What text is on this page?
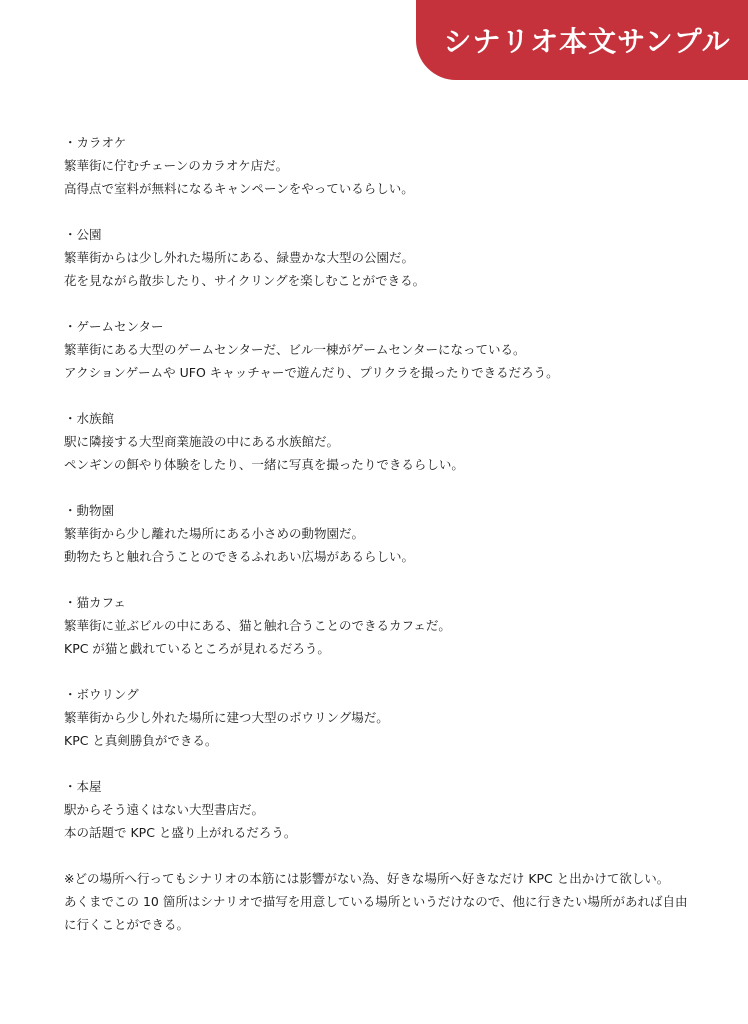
シナリオ本文サンプル
・カラオケ
繁華街に佇むチェーンのカラオケ店だ。
高得点で室料が無料になるキャンペーンをやっているらしい。
・公園
繁華街からは少し外れた場所にある、緑豊かな大型の公園だ。
花を見ながら散歩したり、サイクリングを楽しむことができる。
・ゲームセンター
繁華街にある大型のゲームセンターだ、ビル一棟がゲームセンターになっている。
アクションゲームや UFO キャッチャーで遊んだり、プリクラを撮ったりできるだろう。
・水族館
駅に隣接する大型商業施設の中にある水族館だ。
ペンギンの餌やり体験をしたり、一緒に写真を撮ったりできるらしい。
・動物園
繁華街から少し離れた場所にある小さめの動物園だ。
動物たちと触れ合うことのできるふれあい広場があるらしい。
・猫カフェ
繁華街に並ぶビルの中にある、猫と触れ合うことのできるカフェだ。
KPC が猫と戯れているところが見れるだろう。
・ボウリング
繁華街から少し外れた場所に建つ大型のボウリング場だ。
KPC と真剣勝負ができる。
・本屋
駅からそう遠くはない大型書店だ。
本の話題で KPC と盛り上がれるだろう。
※どの場所へ行ってもシナリオの本筋には影響がない為、好きな場所へ好きなだけ KPC と出かけて欲しい。
あくまでこの 10 箇所はシナリオで描写を用意している場所というだけなので、他に行きたい場所があれば自由に行くことができる。
